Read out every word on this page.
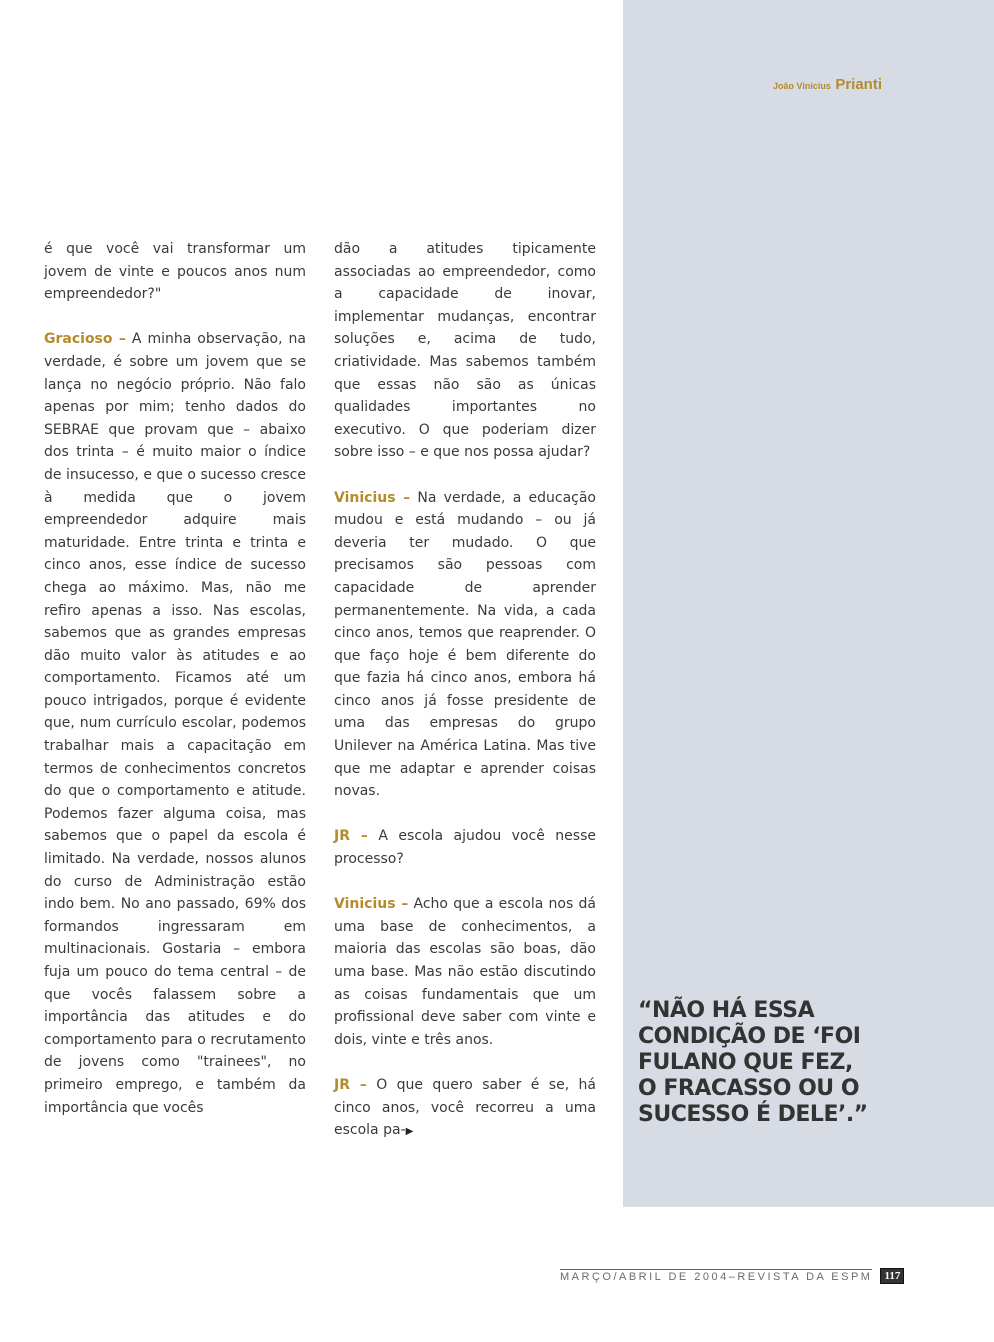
João Vinicius Prianti

é que você vai transformar um jovem de vinte e poucos anos num empreendedor?"

Gracioso – A minha observação, na verdade, é sobre um jovem que se lança no negócio próprio. Não falo apenas por mim; tenho dados do SEBRAE que provam que – abaixo dos trinta – é muito maior o índice de insucesso, e que o sucesso cresce à medida que o jovem empreendedor adquire mais maturidade. Entre trinta e trinta e cinco anos, esse índice de sucesso chega ao máximo. Mas, não me refiro apenas a isso. Nas escolas, sabemos que as grandes empresas dão muito valor às atitudes e ao comportamento. Ficamos até um pouco intrigados, porque é evidente que, num currículo escolar, podemos trabalhar mais a capacitação em termos de conhecimentos concretos do que o comportamento e atitude. Podemos fazer alguma coisa, mas sabemos que o papel da escola é limitado. Na verdade, nossos alunos do curso de Administração estão indo bem. No ano passado, 69% dos formandos ingressaram em multinacionais. Gostaria – embora fuja um pouco do tema central – de que vocês falassem sobre a importância das atitudes e do comportamento para o recrutamento de jovens como "trainees", no primeiro emprego, e também da importância que vocês

dão a atitudes tipicamente associadas ao empreendedor, como a capacidade de inovar, implementar mudanças, encontrar soluções e, acima de tudo, criatividade. Mas sabemos também que essas não são as únicas qualidades importantes no executivo. O que poderiam dizer sobre isso – e que nos possa ajudar?

Vinicius – Na verdade, a educação mudou e está mudando – ou já deveria ter mudado. O que precisamos são pessoas com capacidade de aprender permanentemente. Na vida, a cada cinco anos, temos que reaprender. O que faço hoje é bem diferente do que fazia há cinco anos, embora há cinco anos já fosse presidente de uma das empresas do grupo Unilever na América Latina. Mas tive que me adaptar e aprender coisas novas.

JR – A escola ajudou você nesse processo?

Vinicius – Acho que a escola nos dá uma base de conhecimentos, a maioria das escolas são boas, dão uma base. Mas não estão discutindo as coisas fundamentais que um profissional deve saber com vinte e dois, vinte e três anos.

JR – O que quero saber é se, há cinco anos, você recorreu a uma escola pa-▶

“NÃO HÁ ESSA CONDIÇÃO DE ‘FOI FULANO QUE FEZ, O FRACASSO OU O SUCESSO É DELE’.”
MARÇO/ABRIL DE 2004–REVISTA DA ESPM	117
